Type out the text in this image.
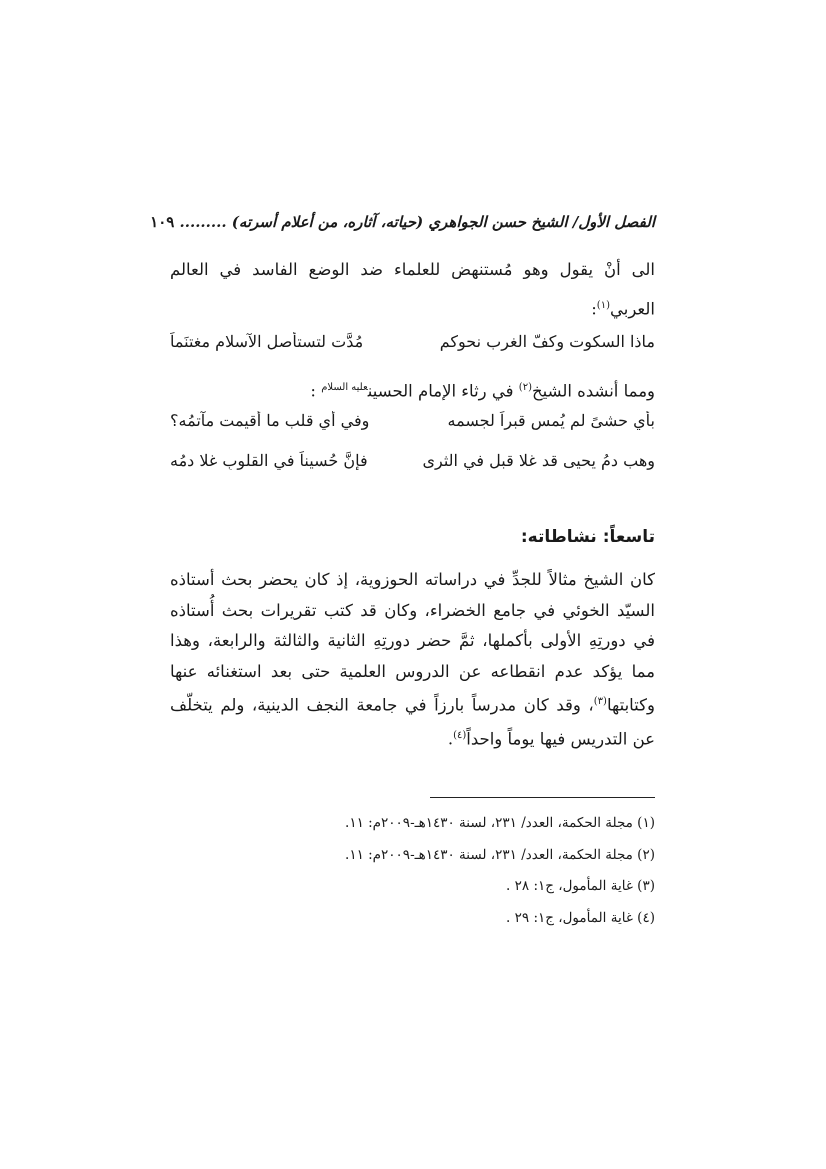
الفصل الأول/ الشيخ حسن الجواهري (حياته، آثاره، من أعلام أسرته) ......... ١٠٩
الى أنْ يقول وهو مُستنهض للعلماء ضد الوضع الفاسد في العالم العربي$^{(١)}$:
ماذا السكوت وكفّ الغرب نحوكم
مُدَّت لتستأصل الآسلام مغتنَماً
ومما أنشده الشيخ$^{(٢)}$ في رثاء الإمام الحسين$^{عليه السلام}$ :
بأي حشىً لم يُمسِ قبراً لجسمه
وفي أي قلب ما أُقيمت مآتمُه؟
وهب دمُ يحيى قد غلا قبل في الثرى
فإنَّ حُسيناً في القلوبِ غلا دمُه
تاسعاً: نشاطاته:
كان الشيخ مثالاً للجدِّ في دراساته الحوزوية، إذ كان يحضر بحث أستاذه السيّد الخوئي في جامع الخضراء، وكان قد كتب تقريرات بحث أُستاذه في دورتِهِ الأولى بأكملها، ثمَّ حضر دورتِهِ الثانية والثالثة والرابعة، وهذا مما يؤكد عدم انقطاعه عن الدروس العلمية حتى بعد استغنائه عنها وكتابتها$^{(٣)}$، وقد كان مدرساً بارزاً في جامعة النجف الدينية، ولم يتخلّف عن التدريس فيها يوماً واحداً$^{(٤)}$.
(١) مجلة الحكمة، العدد/ ٢٣١، لسنة ١٤٣٠هـ-٢٠٠٩م: ١١.
(٢) مجلة الحكمة، العدد/ ٢٣١، لسنة ١٤٣٠هـ-٢٠٠٩م: ١١.
(٣) غاية المأمول، ج١: ٢٨ .
(٤) غاية المأمول، ج١: ٢٩ .
